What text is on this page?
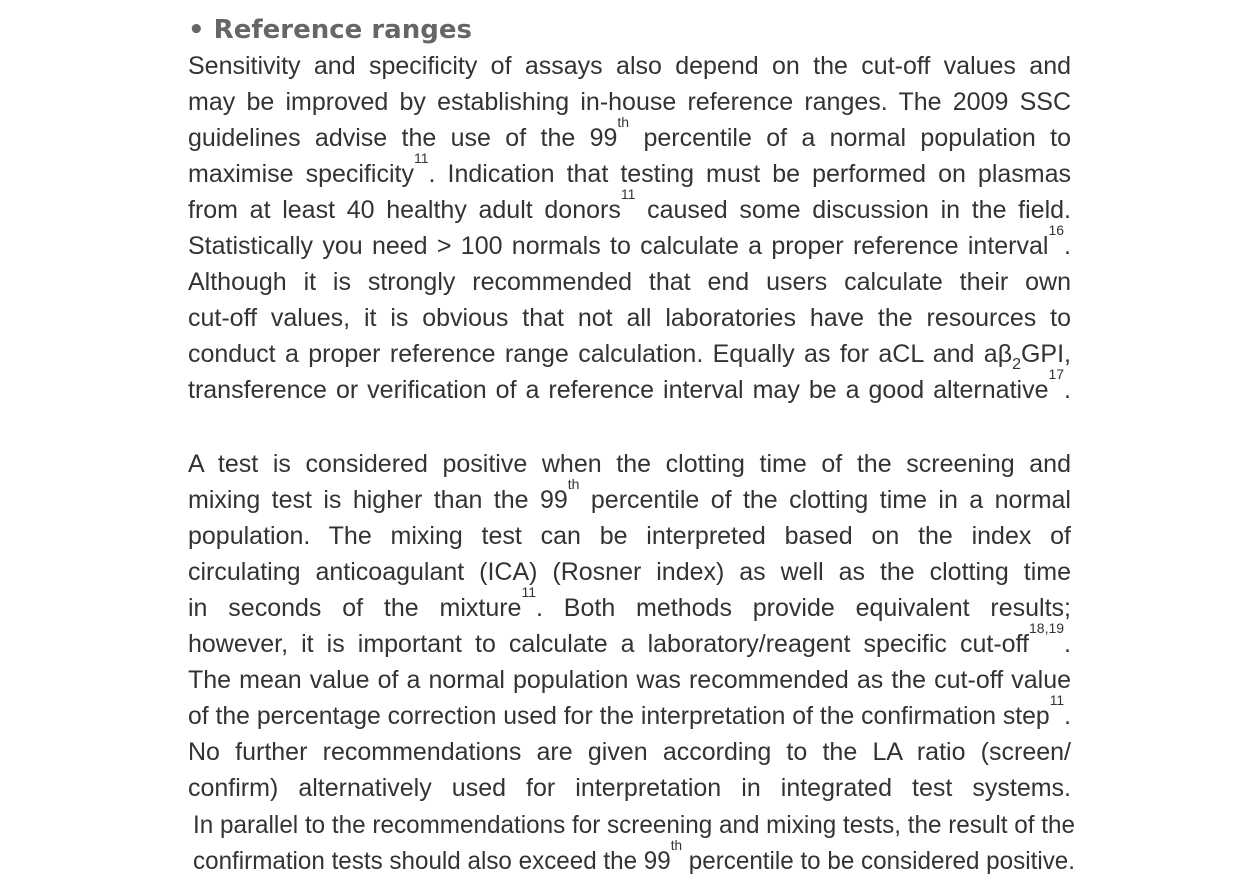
• Reference ranges
Sensitivity and specificity of assays also depend on the cut-off values and
may be improved by establishing in-house reference ranges. The 2009 SSC
guidelines advise the use of the 99th percentile of a normal population to
maximise specificity$^{11}$. Indication that testing must be performed on plasmas
from at least 40 healthy adult donors$^{11}$ caused some discussion in the field.
Statistically you need > 100 normals to calculate a proper reference interval$^{16}$.
Although it is strongly recommended that end users calculate their own
cut-off values, it is obvious that not all laboratories have the resources to
conduct a proper reference range calculation. Equally as for aCL and $a\beta_2GPI$,
transference or verification of a reference interval may be a good alternative$^{17}$.
A test is considered positive when the clotting time of the screening and
mixing test is higher than the 99th percentile of the clotting time in a normal
population. The mixing test can be interpreted based on the index of
circulating anticoagulant (ICA) (Rosner index) as well as the clotting time
in seconds of the mixture$^{11}$. Both methods provide equivalent results;
however, it is important to calculate a laboratory/reagent specific cut-off$^{18,19}$.
The mean value of a normal population was recommended as the cut-off value
of the percentage correction used for the interpretation of the confirmation step$^{11}$.
No further recommendations are given according to the LA ratio (screen/
confirm) alternatively used for interpretation in integrated test systems.
In parallel to the recommendations for screening and mixing tests, the result of the
confirmation tests should also exceed the 99th percentile to be considered positive.
